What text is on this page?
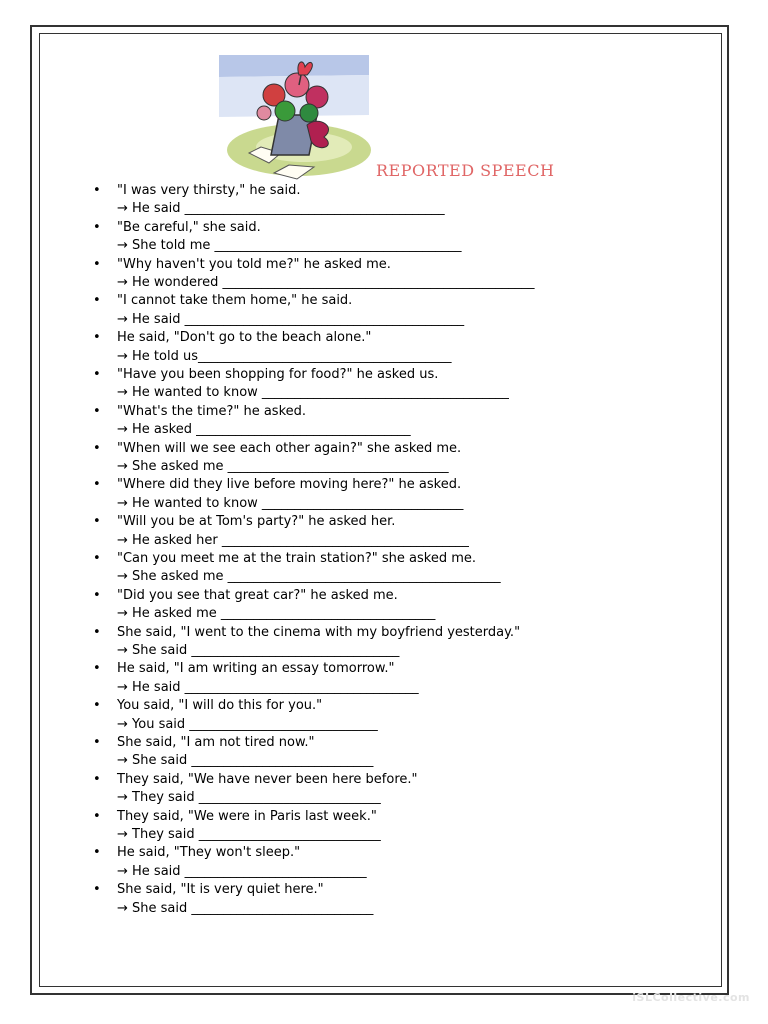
REPORTED SPEECH
• "I was very thirsty," he said.
→ He said ________________________________________
• "Be careful," she said.
→ She told me ______________________________________
• "Why haven't you told me?" he asked me.
→ He wondered ________________________________________________
• "I cannot take them home," he said.
→ He said ___________________________________________
• He said, "Don't go to the beach alone."
→ He told us_______________________________________
• "Have you been shopping for food?" he asked us.
→ He wanted to know ______________________________________
• "What's the time?" he asked.
→ He asked _________________________________
• "When will we see each other again?" she asked me.
→ She asked me __________________________________
• "Where did they live before moving here?" he asked.
→ He wanted to know _______________________________
• "Will you be at Tom's party?" he asked her.
→ He asked her ______________________________________
• "Can you meet me at the train station?" she asked me.
→ She asked me __________________________________________
• "Did you see that great car?" he asked me.
→ He asked me _________________________________
• She said, "I went to the cinema with my boyfriend yesterday."
→ She said ________________________________
• He said, "I am writing an essay tomorrow."
→ He said ____________________________________
• You said, "I will do this for you."
→ You said _____________________________
• She said, "I am not tired now."
→ She said ____________________________
• They said, "We have never been here before."
→ They said ____________________________
• They said, "We were in Paris last week."
→ They said ____________________________
• He said, "They won't sleep."
→ He said ____________________________
• She said, "It is very quiet here."
→ She said ____________________________
iSLCollective.com
